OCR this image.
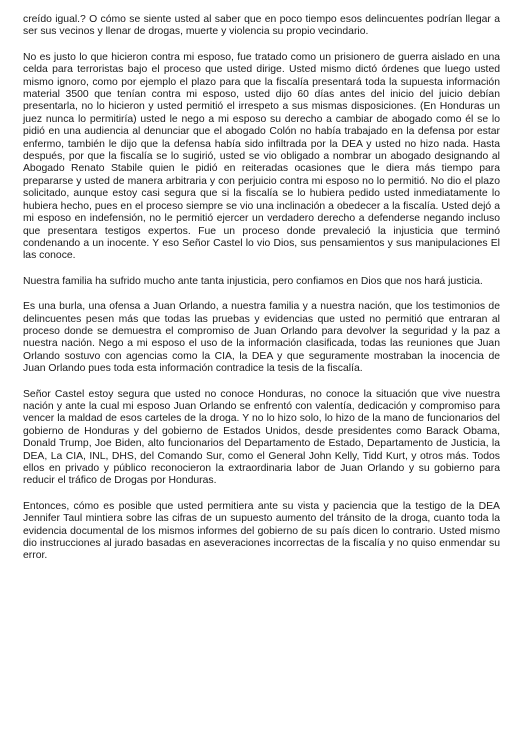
creído igual.? O cómo se siente usted al saber que en poco tiempo esos delincuentes podrían llegar a ser sus vecinos y llenar de drogas, muerte y violencia su propio vecindario.

No es justo lo que hicieron contra mi esposo, fue tratado como un prisionero de guerra aislado en una celda para terroristas bajo el proceso que usted dirige. Usted mismo dictó órdenes que luego usted mismo ignoro, como por ejemplo el plazo para que la fiscalía presentará toda la supuesta información material 3500 que tenían contra mi esposo, usted dijo 60 días antes del inicio del juicio debían presentarla, no lo hicieron y usted permitió el irrespeto a sus mismas disposiciones. (En Honduras un juez nunca lo permitiría) usted le nego a mi esposo su derecho a cambiar de abogado como él se lo pidió en una audiencia al denunciar que el abogado Colón no había trabajado en la defensa por estar enfermo, también le dijo que la defensa había sido infiltrada por la DEA y usted no hizo nada. Hasta después, por que la fiscalía se lo sugirió, usted se vio obligado a nombrar un abogado designando al Abogado Renato Stabile quien le pidió en reiteradas ocasiones que le diera más tiempo para prepararse y usted de manera arbitraria y con perjuicio contra mi esposo no lo permitió. No dio el plazo solicitado, aunque estoy casi segura que si la fiscalía se lo hubiera pedido usted inmediatamente lo hubiera hecho, pues en el proceso siempre se vio una inclinación a obedecer a la fiscalía. Usted dejó a mi esposo en indefensión, no le permitió ejercer un verdadero derecho a defenderse negando incluso que presentara testigos expertos. Fue un proceso donde prevaleció la injusticia que terminó condenando a un inocente. Y eso Señor Castel lo vio Dios, sus pensamientos y sus manipulaciones El las conoce.

Nuestra familia ha sufrido mucho ante tanta injusticia, pero confiamos en Dios que nos hará justicia.

Es una burla, una ofensa a Juan Orlando, a nuestra familia y a nuestra nación, que los testimonios de delincuentes pesen más que todas las pruebas y evidencias que usted no permitió que entraran al proceso donde se demuestra el compromiso de Juan Orlando para devolver la seguridad y la paz a nuestra nación. Nego a mi esposo el uso de la información clasificada, todas las reuniones que Juan Orlando sostuvo con agencias como la CIA, la DEA y que seguramente mostraban la inocencia de Juan Orlando pues toda esta información contradice la tesis de la fiscalía.

Señor Castel estoy segura que usted no conoce Honduras, no conoce la situación que vive nuestra nación y ante la cual mi esposo Juan Orlando se enfrentó con valentía, dedicación y compromiso para vencer la maldad de esos carteles de la droga. Y no lo hizo solo, lo hizo de la mano de funcionarios del gobierno de Honduras y del gobierno de Estados Unidos, desde presidentes como Barack Obama, Donald Trump, Joe Biden, alto funcionarios del Departamento de Estado, Departamento de Justicia, la DEA, La CIA, INL, DHS, del Comando Sur, como el General John Kelly, Tidd Kurt, y otros más. Todos ellos en privado y público reconocieron la extraordinaria labor de Juan Orlando y su gobierno para reducir el tráfico de Drogas por Honduras.

Entonces, cómo es posible que usted permitiera ante su vista y paciencia que la testigo de la DEA Jennifer Taul mintiera sobre las cifras de un supuesto aumento del tránsito de la droga, cuanto toda la evidencia documental de los mismos informes del gobierno de su país dicen lo contrario. Usted mismo dio instrucciones al jurado basadas en aseveraciones incorrectas de la fiscalía y no quiso enmendar su error.
